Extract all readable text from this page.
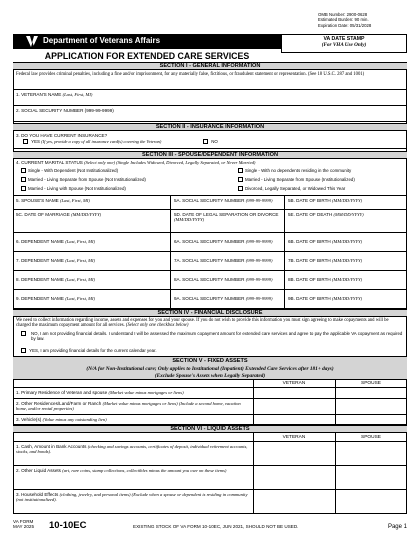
OMB Number: 2900-0628
Estimated Burden: 90 min.
Expiration Date: 05/31/2028
Department of Veterans Affairs	VA DATE STAMP
(For VHA Use Only)
APPLICATION FOR EXTENDED CARE SERVICES
SECTION I - GENERAL INFORMATION
Federal law provides criminal penalties, including a fine and/or imprisonment, for any materially false, fictitious, or fraudulent statement or representation. (See 18 U.S.C. 287 and 1001)
1. VETERAN'S NAME (Last, First, MI)
2. SOCIAL SECURITY NUMBER (999-99-9999)
SECTION II - INSURANCE INFORMATION
3. DO YOU HAVE CURRENT INSURANCE?
YES (If yes, provide a copy of all insurance card(s) covering the Veteran)	NO
SECTION III - SPOUSE/DEPENDENT INFORMATION
4. CURRENT MARITAL STATUS (Select only one) (Single Includes Widowed, Divorced, Legally Separated, or Never Married)
Single - With Dependent (Not Institutionalized)
Married - Living Separate from Spouse (Not Institutionalized)
Married - Living with Spouse (Not Institutionalized)
Single - With no dependents residing in the community
Married - Living Separate from Spouse (Institutionalized)
Divorced, Legally Separated, or Widowed This Year
5. SPOUSE'S NAME (Last, First, MI)	5A. SOCIAL SECURITY NUMBER (999-99-9999)	5B. DATE OF BIRTH (MM/DD/YYYY)
5C. DATE OF MARRIAGE (MM/DD/YYYY)	5D. DATE OF LEGAL SEPARATION OR DIVORCE (MM/DD/YYYY)
5E. DATE OF DEATH (MM/DD/YYYY)
6. DEPENDENT NAME (Last, First, MI)	6A. SOCIAL SECURITY NUMBER (999-99-9999)	6B. DATE OF BIRTH (MM/DD/YYYY)
7. DEPENDENT NAME (Last, First, MI)	7A. SOCIAL SECURITY NUMBER (999-99-9999)	7B. DATE OF BIRTH (MM/DD/YYYY)
8. DEPENDENT NAME (Last, First, MI)	8A. SOCIAL SECURITY NUMBER (999-99-9999)	8B. DATE OF BIRTH (MM/DD/YYYY)
9. DEPENDENT NAME (Last, First, MI)	9A. SOCIAL SECURITY NUMBER (999-99-9999)	9B. DATE OF BIRTH (MM/DD/YYYY)
SECTION IV - FINANCIAL DISCLOSURE
We need to collect information regarding income, assets and expenses for you and your spouse. If you do not wish to provide this information you must sign agreeing to make copayments and will be charged the maximum copayment amount for all services. (Select only one checkbox below)
NO, I am not providing financial details. I understand I will be assessed the maximum copayment amount for extended care services and agree to pay the applicable VA copayment as required by law.
YES, I am providing financial details for the current calendar year.
SECTION V - FIXED ASSETS
(N/A for Non-Institutional care; Only applies to Institutional (Inpatient) Extended Care Services after 181+ days)
(Exclude Spouse's Assets when Legally Separated)
VETERAN	SPOUSE
1. Primary Residence of Veteran and spouse (Market value minus mortgages or liens)
2. Other Residences/Land/Farm or Ranch (Market value minus mortgages or liens) (Include a second home, vacation home, and/or rental properties)
3. Vehicle(s) (Value minus any outstanding lien)
SECTION VI - LIQUID ASSETS
VETERAN	SPOUSE
1. Cash, Amount in Bank Accounts (checking and savings accounts, certificates of deposit, individual retirement accounts, stocks, and bonds).
2. Other Liquid Assets (art, rare coins, stamp collections, collectibles minus the amount you owe on these items)
3. Household Effects (clothing, jewelry, and personal items) (Exclude when a spouse or dependent is residing in community (not institutionalized).
VA FORM
MAY 2025 10-10EC	EXISTING STOCK OF VA FORM 10-10EC, JUN 2021, SHOULD NOT BE USED.	Page 1
